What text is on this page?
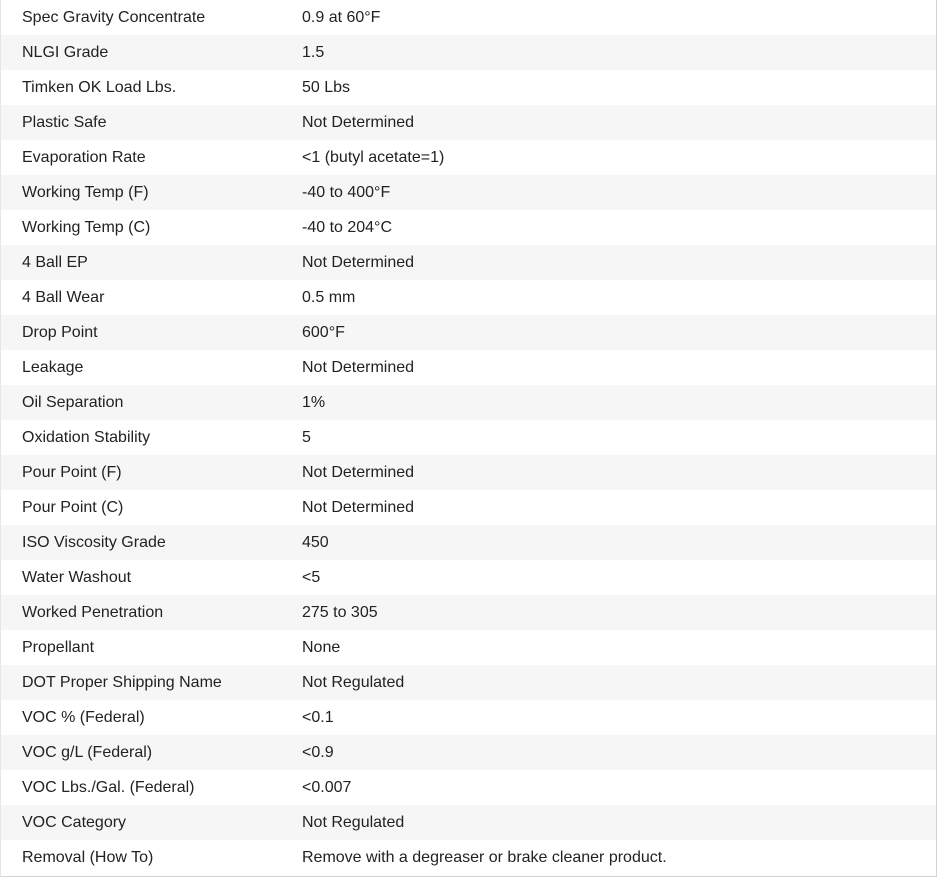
Spec Gravity Concentrate	0.9 at 60°F
NLGI Grade	1.5
Timken OK Load Lbs.	50 Lbs
Plastic Safe	Not Determined
Evaporation Rate	<1 (butyl acetate=1)
Working Temp (F)	-40 to 400°F
Working Temp (C)	-40 to 204°C
4 Ball EP	Not Determined
4 Ball Wear	0.5 mm
Drop Point	600°F
Leakage	Not Determined
Oil Separation	1%
Oxidation Stability	5
Pour Point (F)	Not Determined
Pour Point (C)	Not Determined
ISO Viscosity Grade	450
Water Washout	<5
Worked Penetration	275 to 305
Propellant	None
DOT Proper Shipping Name	Not Regulated
VOC % (Federal)	<0.1
VOC g/L (Federal)	<0.9
VOC Lbs./Gal. (Federal)	<0.007
VOC Category	Not Regulated
Removal (How To)	Remove with a degreaser or brake cleaner product.
